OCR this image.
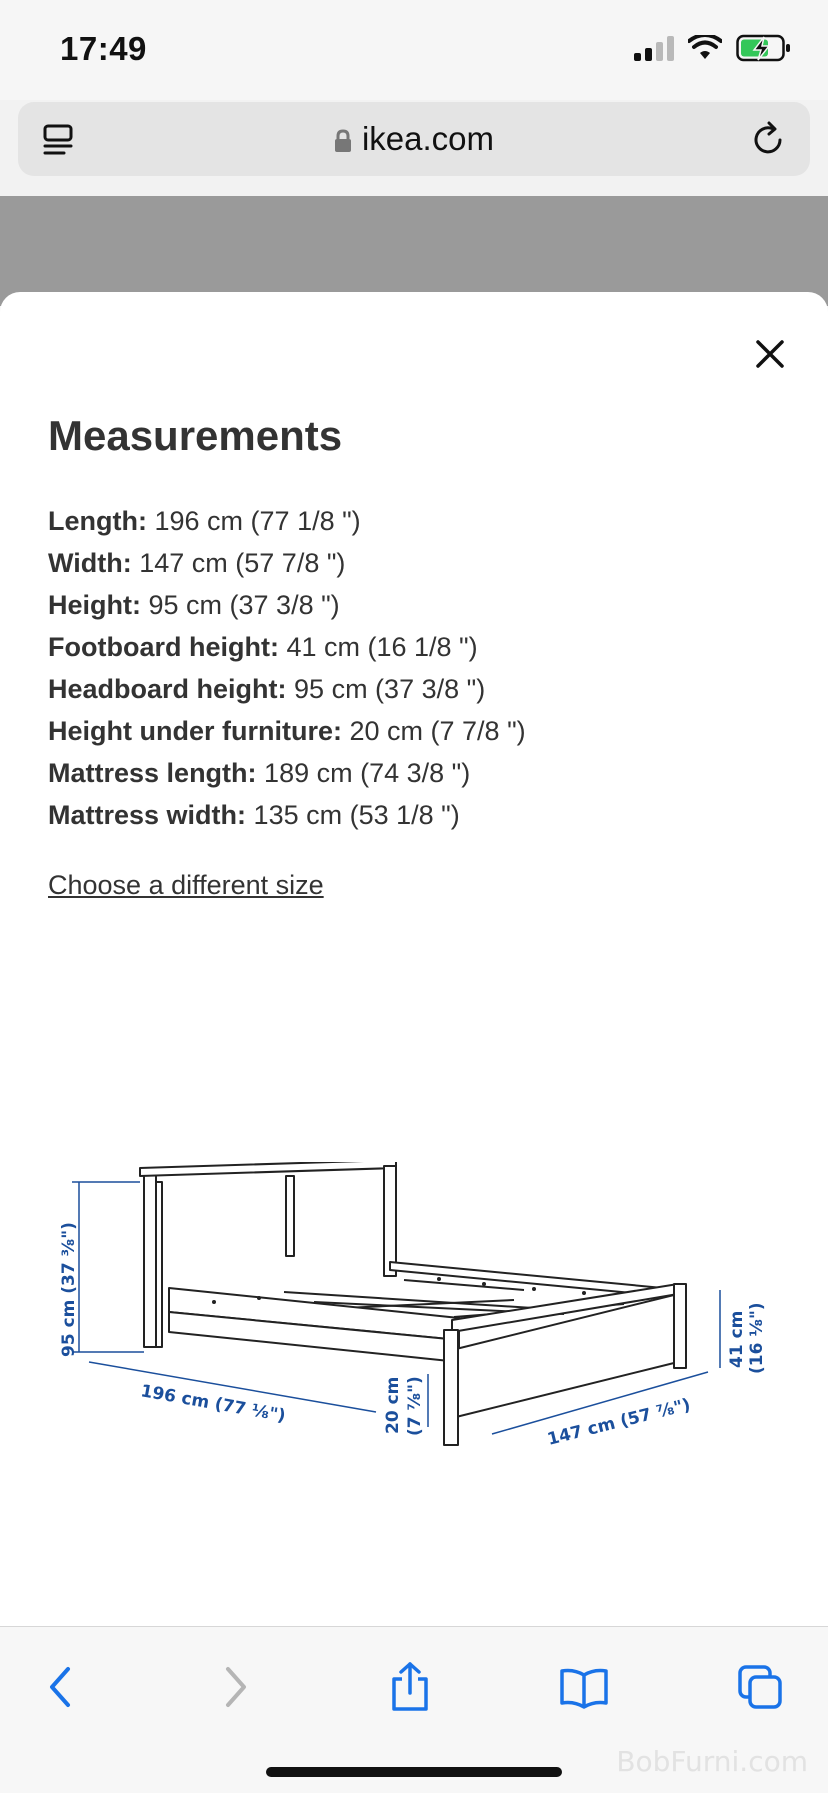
17:49
ikea.com
Measurements
Length: 196 cm (77 1/8 ")
Width: 147 cm (57 7/8 ")
Height: 95 cm (37 3/8 ")
Footboard height: 41 cm (16 1/8 ")
Headboard height: 95 cm (37 3/8 ")
Height under furniture: 20 cm (7 7/8 ")
Mattress length: 189 cm (74 3/8 ")
Mattress width: 135 cm (53 1/8 ")
Choose a different size
95 cm (37 ⅜")
196 cm (77 ⅛")	20 cm (7 ⅞")	147 cm (57 ⅞")
41 cm (16 ⅛")
BobFurni.com
